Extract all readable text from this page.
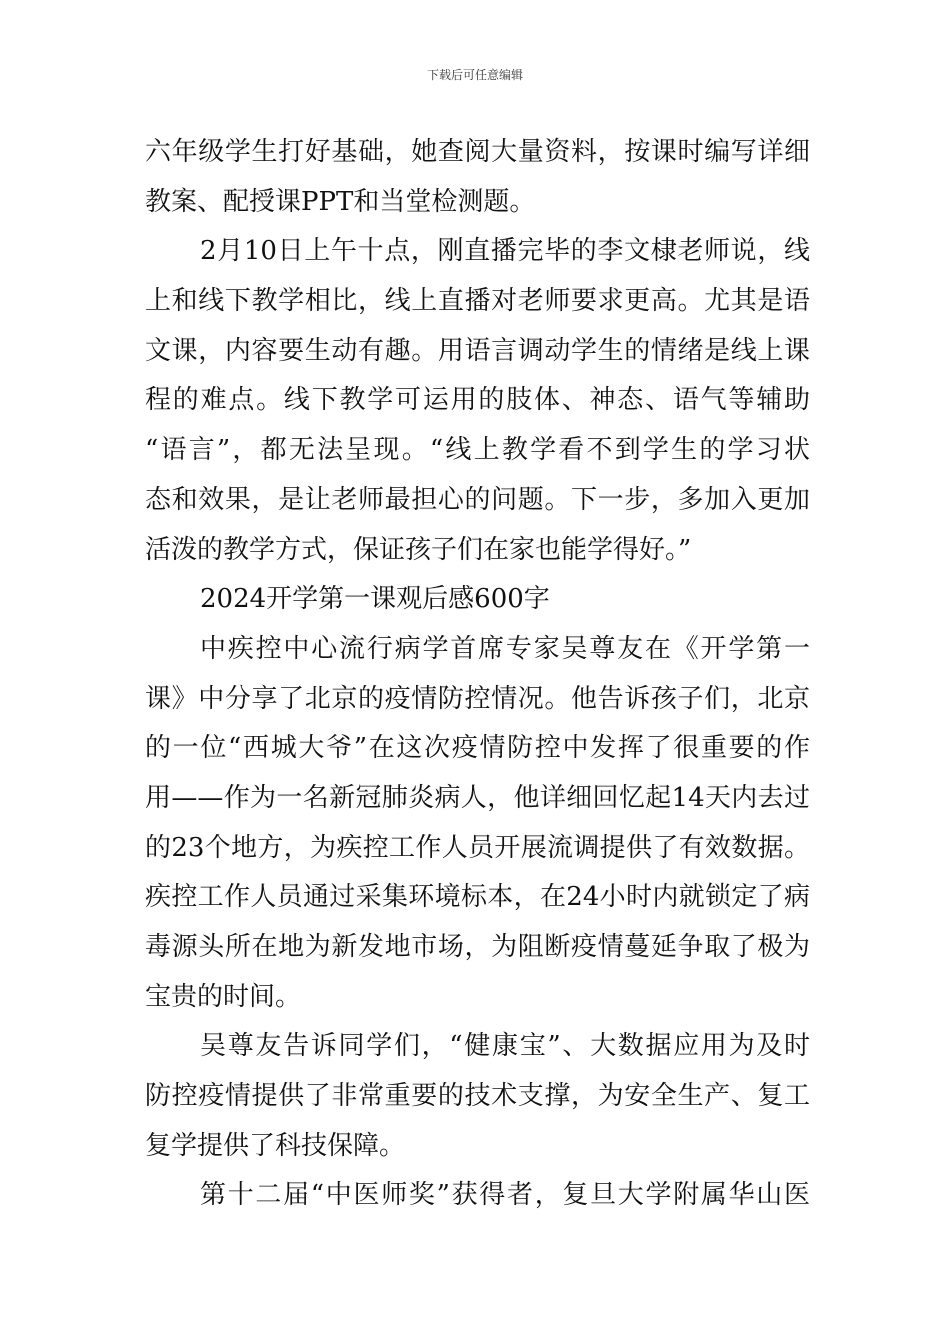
下载后可任意编辑
六年级学生打好基础，她查阅大量资料，按课时编写详细
教案、配授课PPT和当堂检测题。
2月10日上午十点，刚直播完毕的李文棣老师说，线
上和线下教学相比，线上直播对老师要求更高。尤其是语
文课，内容要生动有趣。用语言调动学生的情绪是线上课
程的难点。线下教学可运用的肢体、神态、语气等辅助
“语言”，都无法呈现。“线上教学看不到学生的学习状
态和效果，是让老师最担心的问题。下一步，多加入更加
活泼的教学方式，保证孩子们在家也能学得好。”
2024开学第一课观后感600字
中疾控中心流行病学首席专家吴尊友在《开学第一
课》中分享了北京的疫情防控情况。他告诉孩子们，北京
的一位“西城大爷”在这次疫情防控中发挥了很重要的作
用——作为一名新冠肺炎病人，他详细回忆起14天内去过
的23个地方，为疾控工作人员开展流调提供了有效数据。
疾控工作人员通过采集环境标本，在24小时内就锁定了病
毒源头所在地为新发地市场，为阻断疫情蔓延争取了极为
宝贵的时间。
吴尊友告诉同学们，“健康宝”、大数据应用为及时
防控疫情提供了非常重要的技术支撑，为安全生产、复工
复学提供了科技保障。
第十二届“中医师奖”获得者，复旦大学附属华山医
